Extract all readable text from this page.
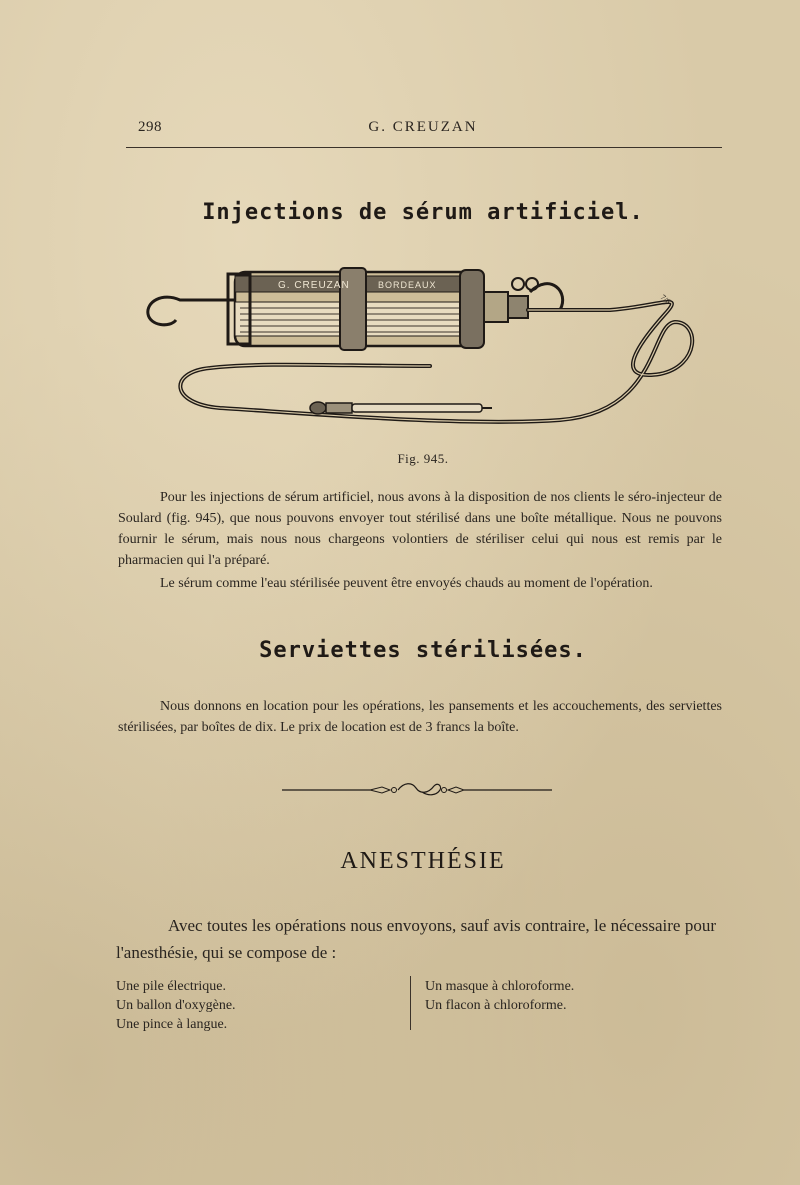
298	G. CREUZAN
Injections de sérum artificiel.
G. CREUZAN	BORDEAUX
7/6
Fig. 945.

Pour les injections de sérum artificiel, nous avons à la disposition de nos clients le séro-injecteur de Soulard (fig. 945), que nous pouvons envoyer tout stérilisé dans une boîte métallique. Nous ne pouvons fournir le sérum, mais nous nous chargeons volontiers de stériliser celui qui nous est remis par le pharmacien qui l'a préparé.

Le sérum comme l'eau stérilisée peuvent être envoyés chauds au moment de l'opération.

Serviettes stérilisées.

Nous donnons en location pour les opérations, les pansements et les accouchements, des serviettes stérilisées, par boîtes de dix. Le prix de location est de 3 francs la boîte.

ANESTHÉSIE

Avec toutes les opérations nous envoyons, sauf avis contraire, le nécessaire pour l'anesthésie, qui se compose de :

Une pile électrique.
Un ballon d'oxygène.
Une pince à langue.
Un masque à chloroforme.
Un flacon à chloroforme.
